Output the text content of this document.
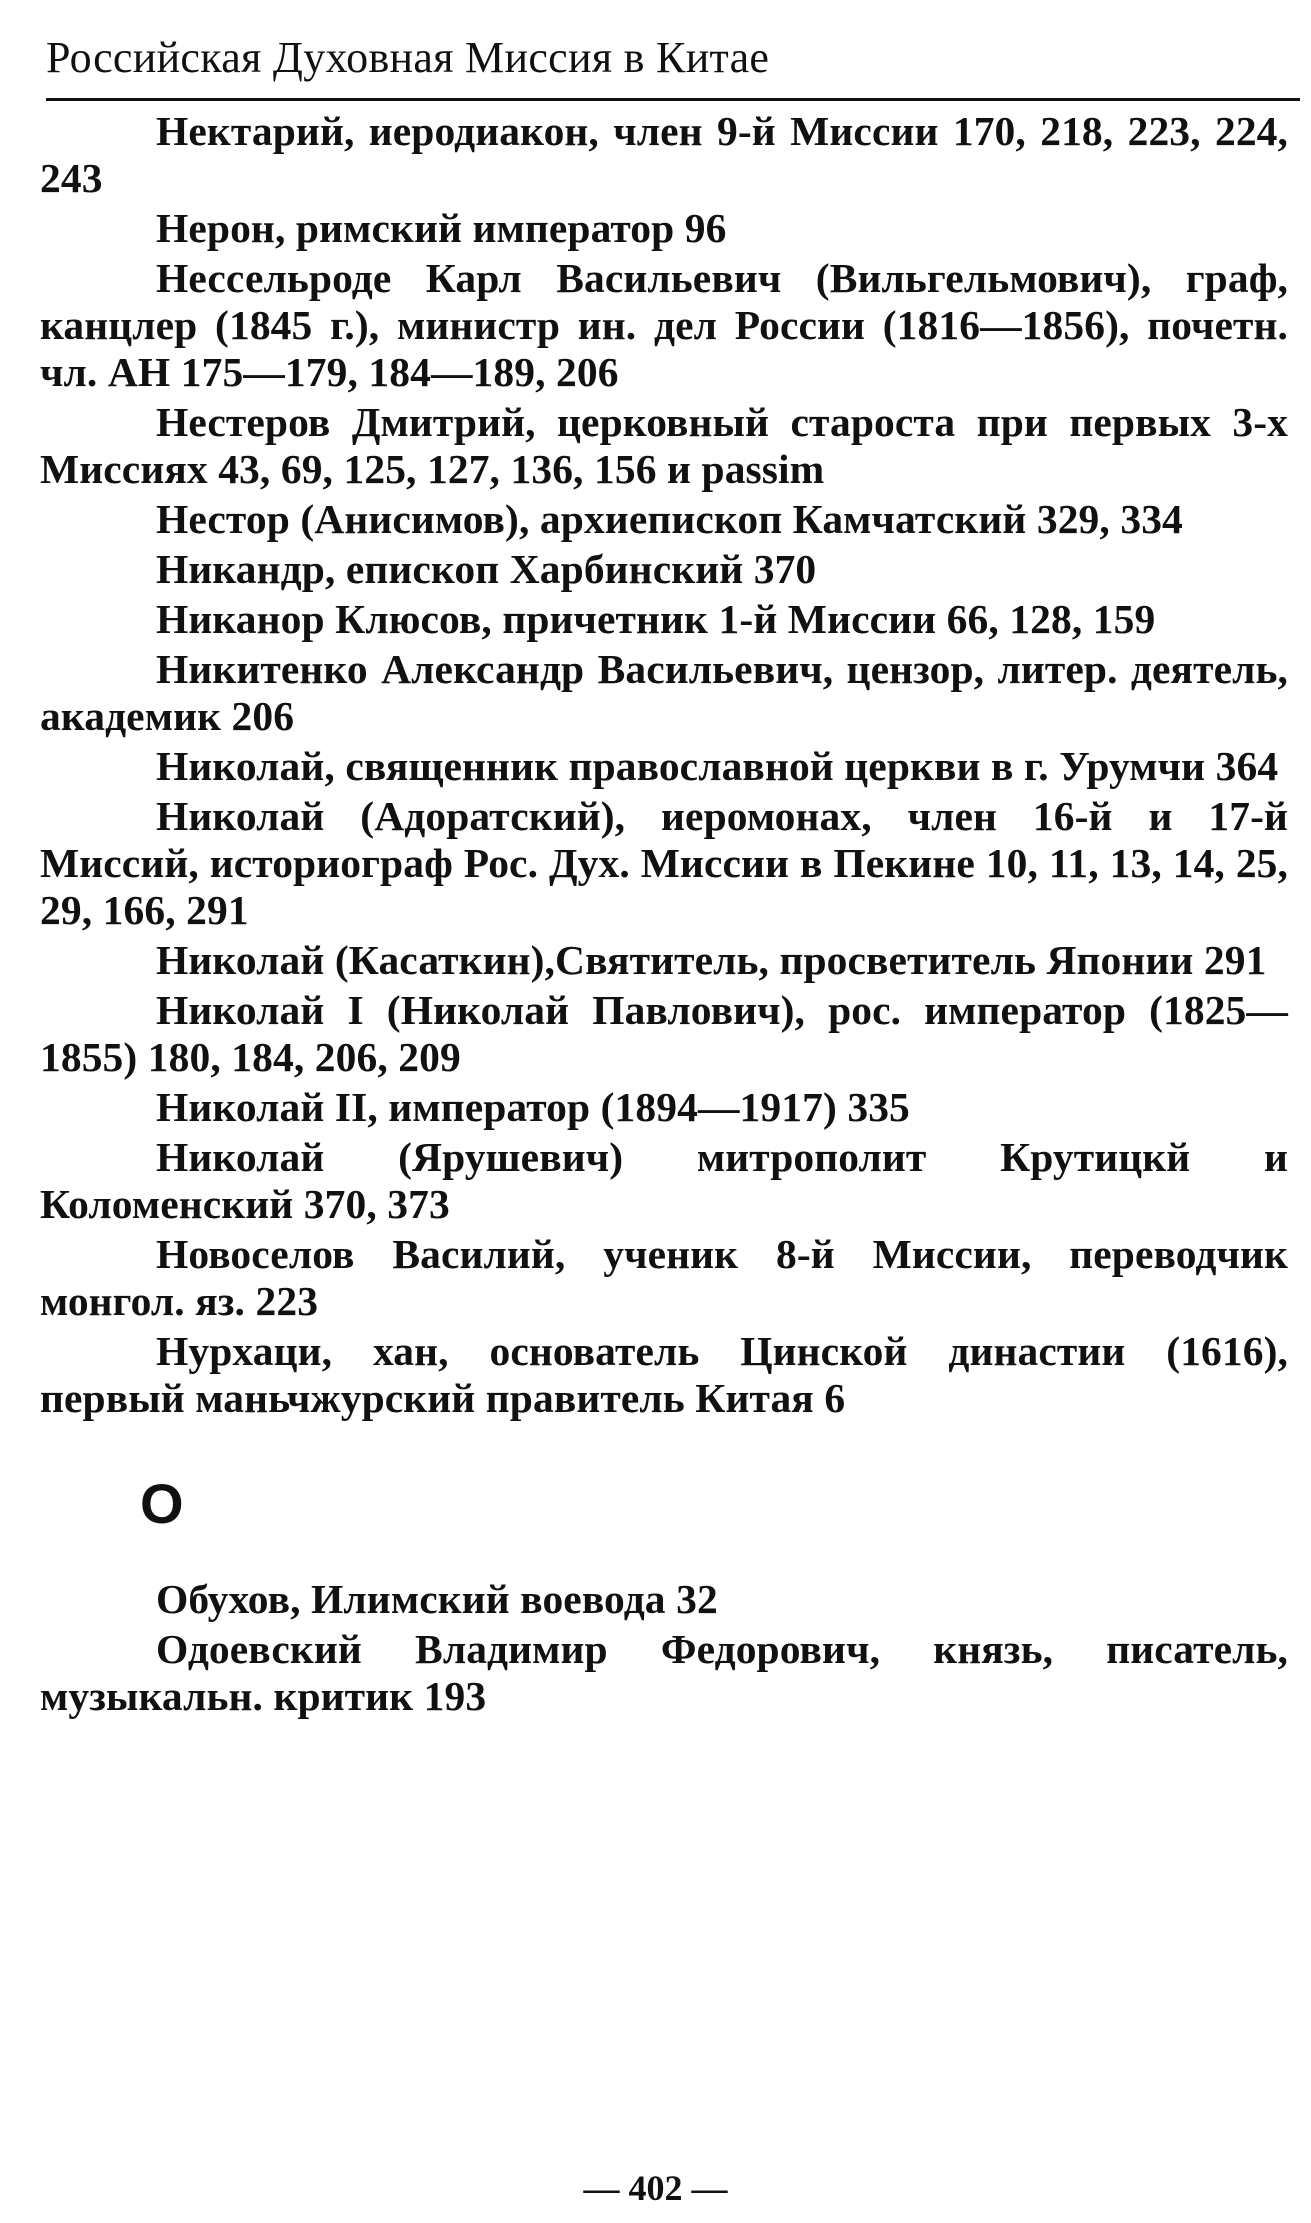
Российская Духовная Миссия в Китае

Нектарий, иеродиакон, член 9-й Миссии 170, 218, 223, 224, 243

Нерон, римский император 96

Нессельроде Карл Васильевич (Вильгельмович), граф, канцлер (1845 г.), министр ин. дел России (1816—1856), почетн. чл. АН 175—179, 184—189, 206

Нестеров Дмитрий, церковный староста при первых 3-х Миссиях 43, 69, 125, 127, 136, 156 и passim

Нестор (Анисимов), архиепископ Камчатский 329, 334

Никандр, епископ Харбинский 370

Никанор Клюсов, причетник 1-й Миссии 66, 128, 159

Никитенко Александр Васильевич, цензор, литер. деятель, академик 206

Николай, священник православной церкви в г. Урумчи 364

Николай (Адоратский), иеромонах, член 16-й и 17-й Миссий, историограф Рос. Дух. Миссии в Пекине 10, 11, 13, 14, 25, 29, 166, 291

Николай (Касаткин),Святитель, просветитель Японии 291

Николай I (Николай Павлович), рос. император (1825—1855) 180, 184, 206, 209

Николай II, император (1894—1917) 335

Николай (Ярушевич) митрополит Крутицкй и Коломенский 370, 373

Новоселов Василий, ученик 8-й Миссии, переводчик монгол. яз. 223

Нурхаци, хан, основатель Цинской династии (1616), первый маньчжурский правитель Китая 6

О

Обухов, Илимский воевода 32

Одоевский Владимир Федорович, князь, писатель, музыкальн. критик 193

— 402 —
